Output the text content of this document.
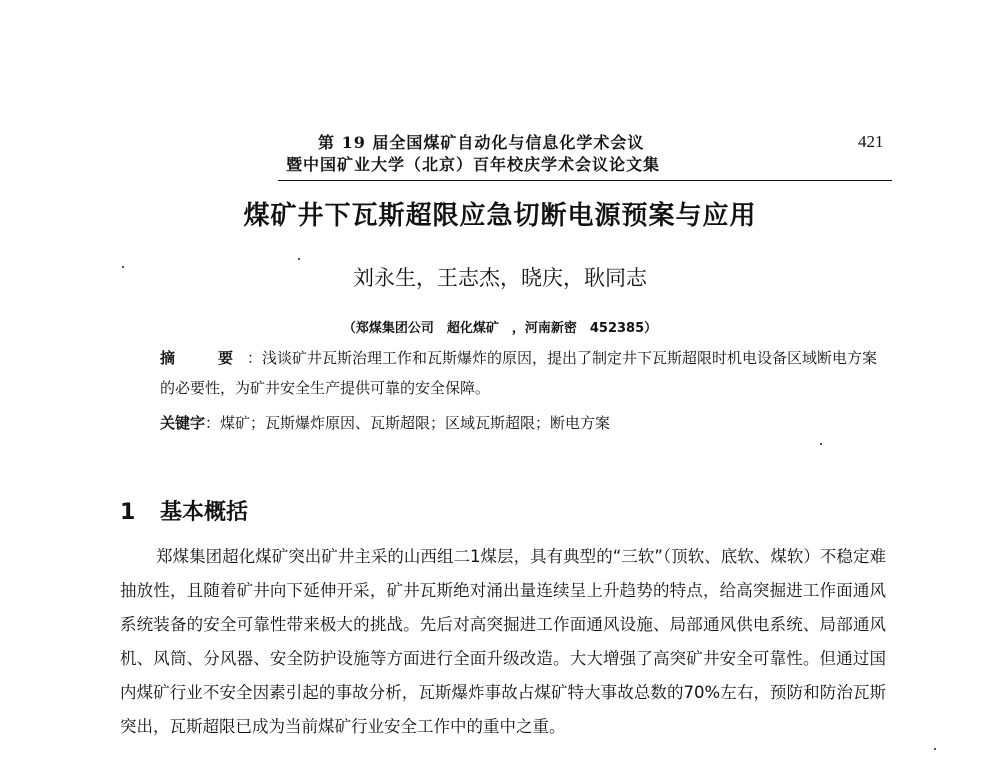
第 19 届全国煤矿自动化与信息化学术会议
暨中国矿业大学（北京）百年校庆学术会议论文集
421
煤矿井下瓦斯超限应急切断电源预案与应用
刘永生，王志杰，晓庆，耿同志
（郑煤集团公司　超化煤矿　，河南新密　452385）
摘　要：浅谈矿井瓦斯治理工作和瓦斯爆炸的原因，提出了制定井下瓦斯超限时机电设备区域断电方案的必要性，为矿井安全生产提供可靠的安全保障。
关键字：煤矿；瓦斯爆炸原因、瓦斯超限；区域瓦斯超限；断电方案
1 基本概括
郑煤集团超化煤矿突出矿井主采的山西组二1煤层，具有典型的“三软”（顶软、底软、煤软）不稳定难抽放性，且随着矿井向下延伸开采，矿井瓦斯绝对涌出量连续呈上升趋势的特点，给高突掘进工作面通风系统装备的安全可靠性带来极大的挑战。先后对高突掘进工作面通风设施、局部通风供电系统、局部通风机、风筒、分风器、安全防护设施等方面进行全面升级改造。大大增强了高突矿井安全可靠性。但通过国内煤矿行业不安全因素引起的事故分析，瓦斯爆炸事故占煤矿特大事故总数的70%左右，预防和防治瓦斯突出，瓦斯超限已成为当前煤矿行业安全工作中的重中之重。
